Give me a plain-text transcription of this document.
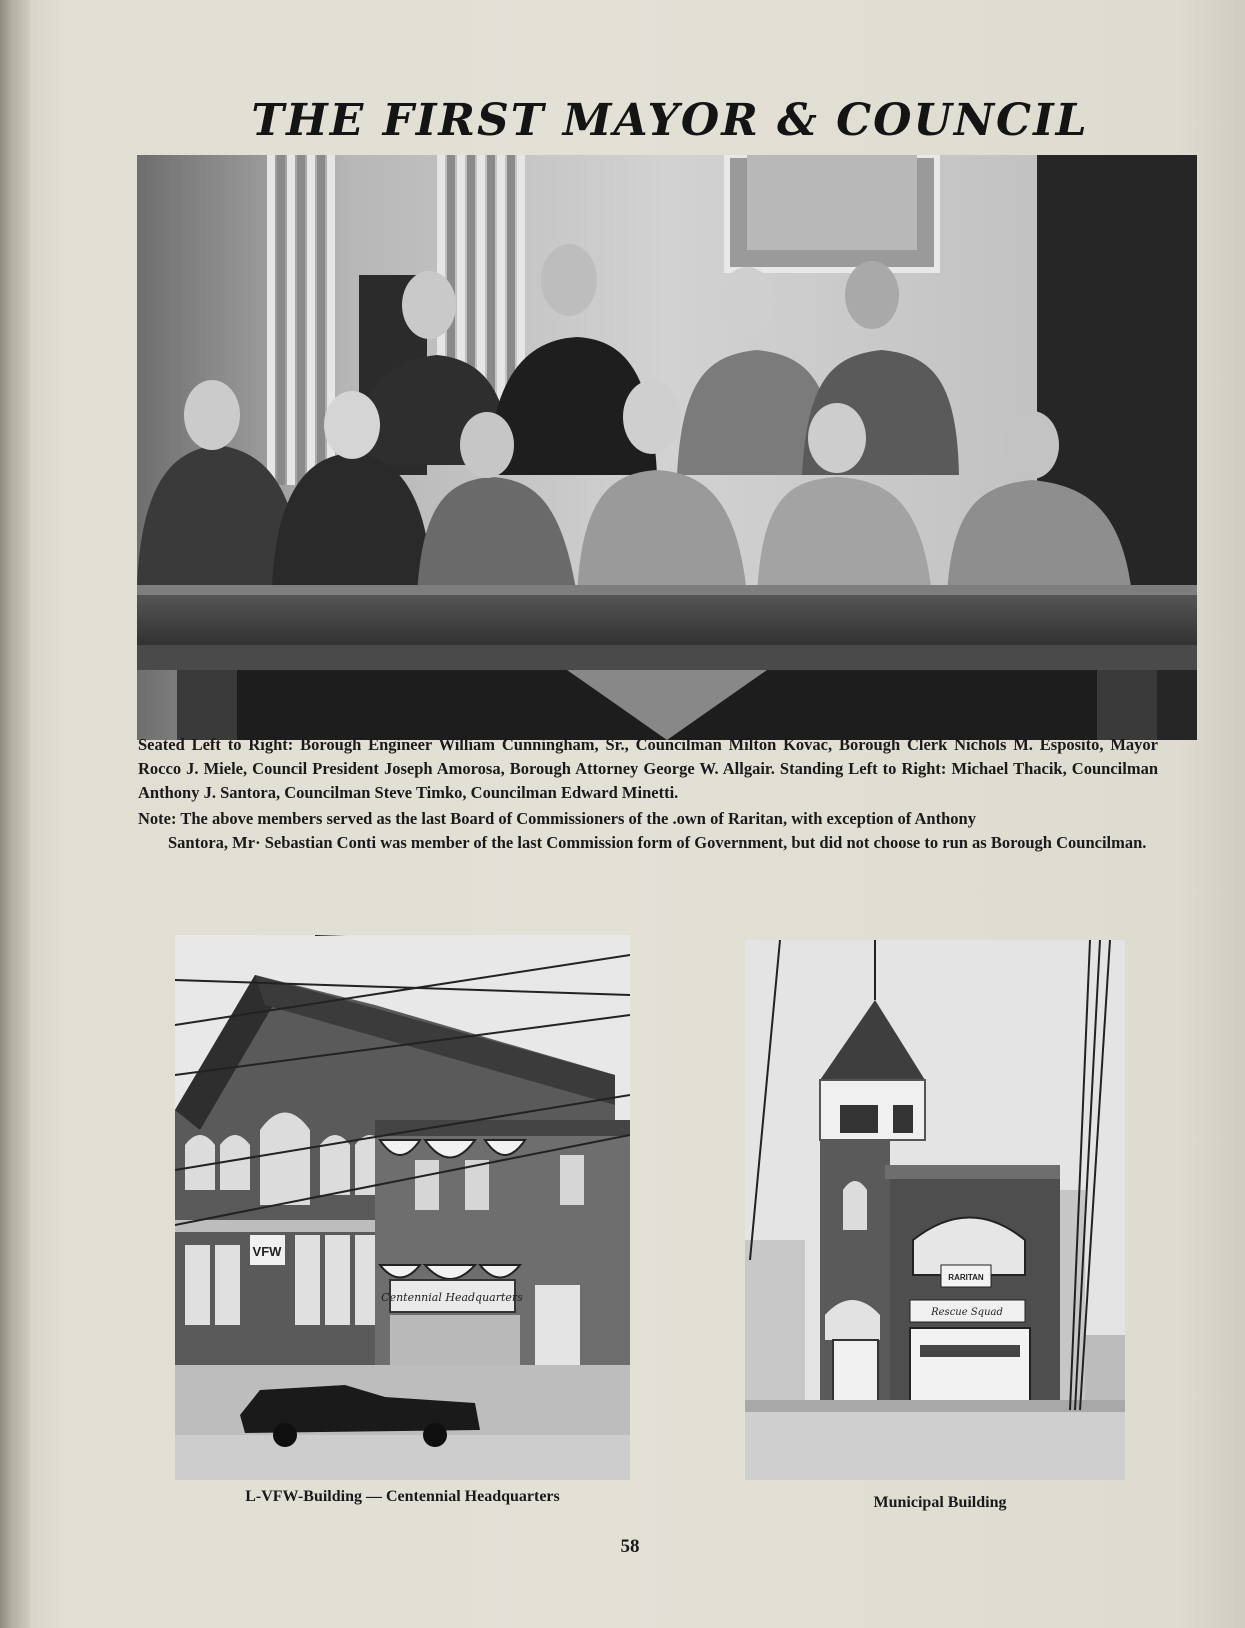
THE FIRST MAYOR & COUNCIL

Seated Left to Right: Borough Engineer William Cunningham, Sr., Councilman Milton Kovac, Borough Clerk Nichols M. Esposito, Mayor Rocco J. Miele, Council President Joseph Amorosa, Borough Attorney George W. Allgair. Standing Left to Right: Michael Thacik, Councilman Anthony J. Santora, Councilman Steve Timko, Councilman Edward Minetti.

Note: The above members served as the last Board of Commissioners of the .own of Raritan, with exception of Anthony
Santora, Mr· Sebastian Conti was member of the last Commission form of Government, but did not choose to run as Borough Councilman.
VFW
Centennial Headquarters
RARITAN
Rescue Squad
L-VFW-Building — Centennial Headquarters	Municipal Building
58
